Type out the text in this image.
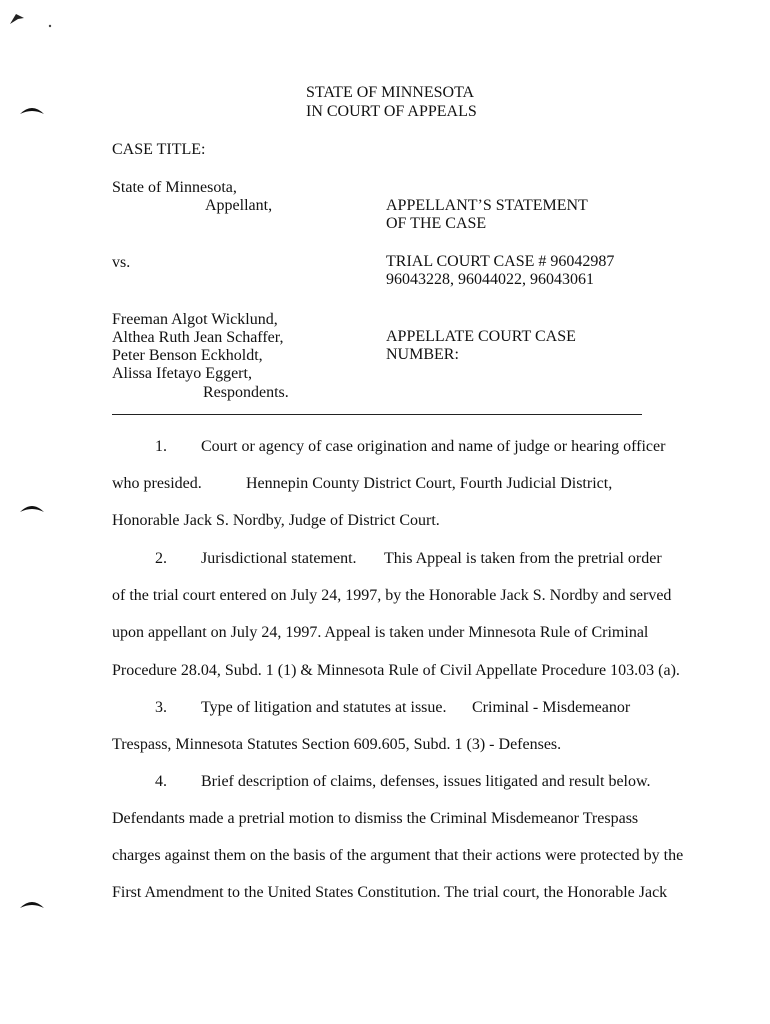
STATE OF MINNESOTA
IN COURT OF APPEALS
CASE TITLE:
State of Minnesota,
Appellant,
vs.
Freeman Algot Wicklund,
Althea Ruth Jean Schaffer,
Peter Benson Eckholdt,
Alissa Ifetayo Eggert,
Respondents.
APPELLANT’S STATEMENT
OF THE CASE
TRIAL COURT CASE # 96042987
96043228, 96044022, 96043061
APPELLATE COURT CASE
NUMBER:
1. Court or agency of case origination and name of judge or hearing officer
who presided.	Hennepin County District Court, Fourth Judicial District,
Honorable Jack S. Nordby, Judge of District Court.
2. Jurisdictional statement. This Appeal is taken from the pretrial order
of the trial court entered on July 24, 1997, by the Honorable Jack S. Nordby and served
upon appellant on July 24, 1997. Appeal is taken under Minnesota Rule of Criminal
Procedure 28.04, Subd. 1 (1) & Minnesota Rule of Civil Appellate Procedure 103.03 (a).
3. Type of litigation and statutes at issue. Criminal - Misdemeanor
Trespass, Minnesota Statutes Section 609.605, Subd. 1 (3) - Defenses.
4. Brief description of claims, defenses, issues litigated and result below.
Defendants made a pretrial motion to dismiss the Criminal Misdemeanor Trespass
charges against them on the basis of the argument that their actions were protected by the
First Amendment to the United States Constitution. The trial court, the Honorable Jack
